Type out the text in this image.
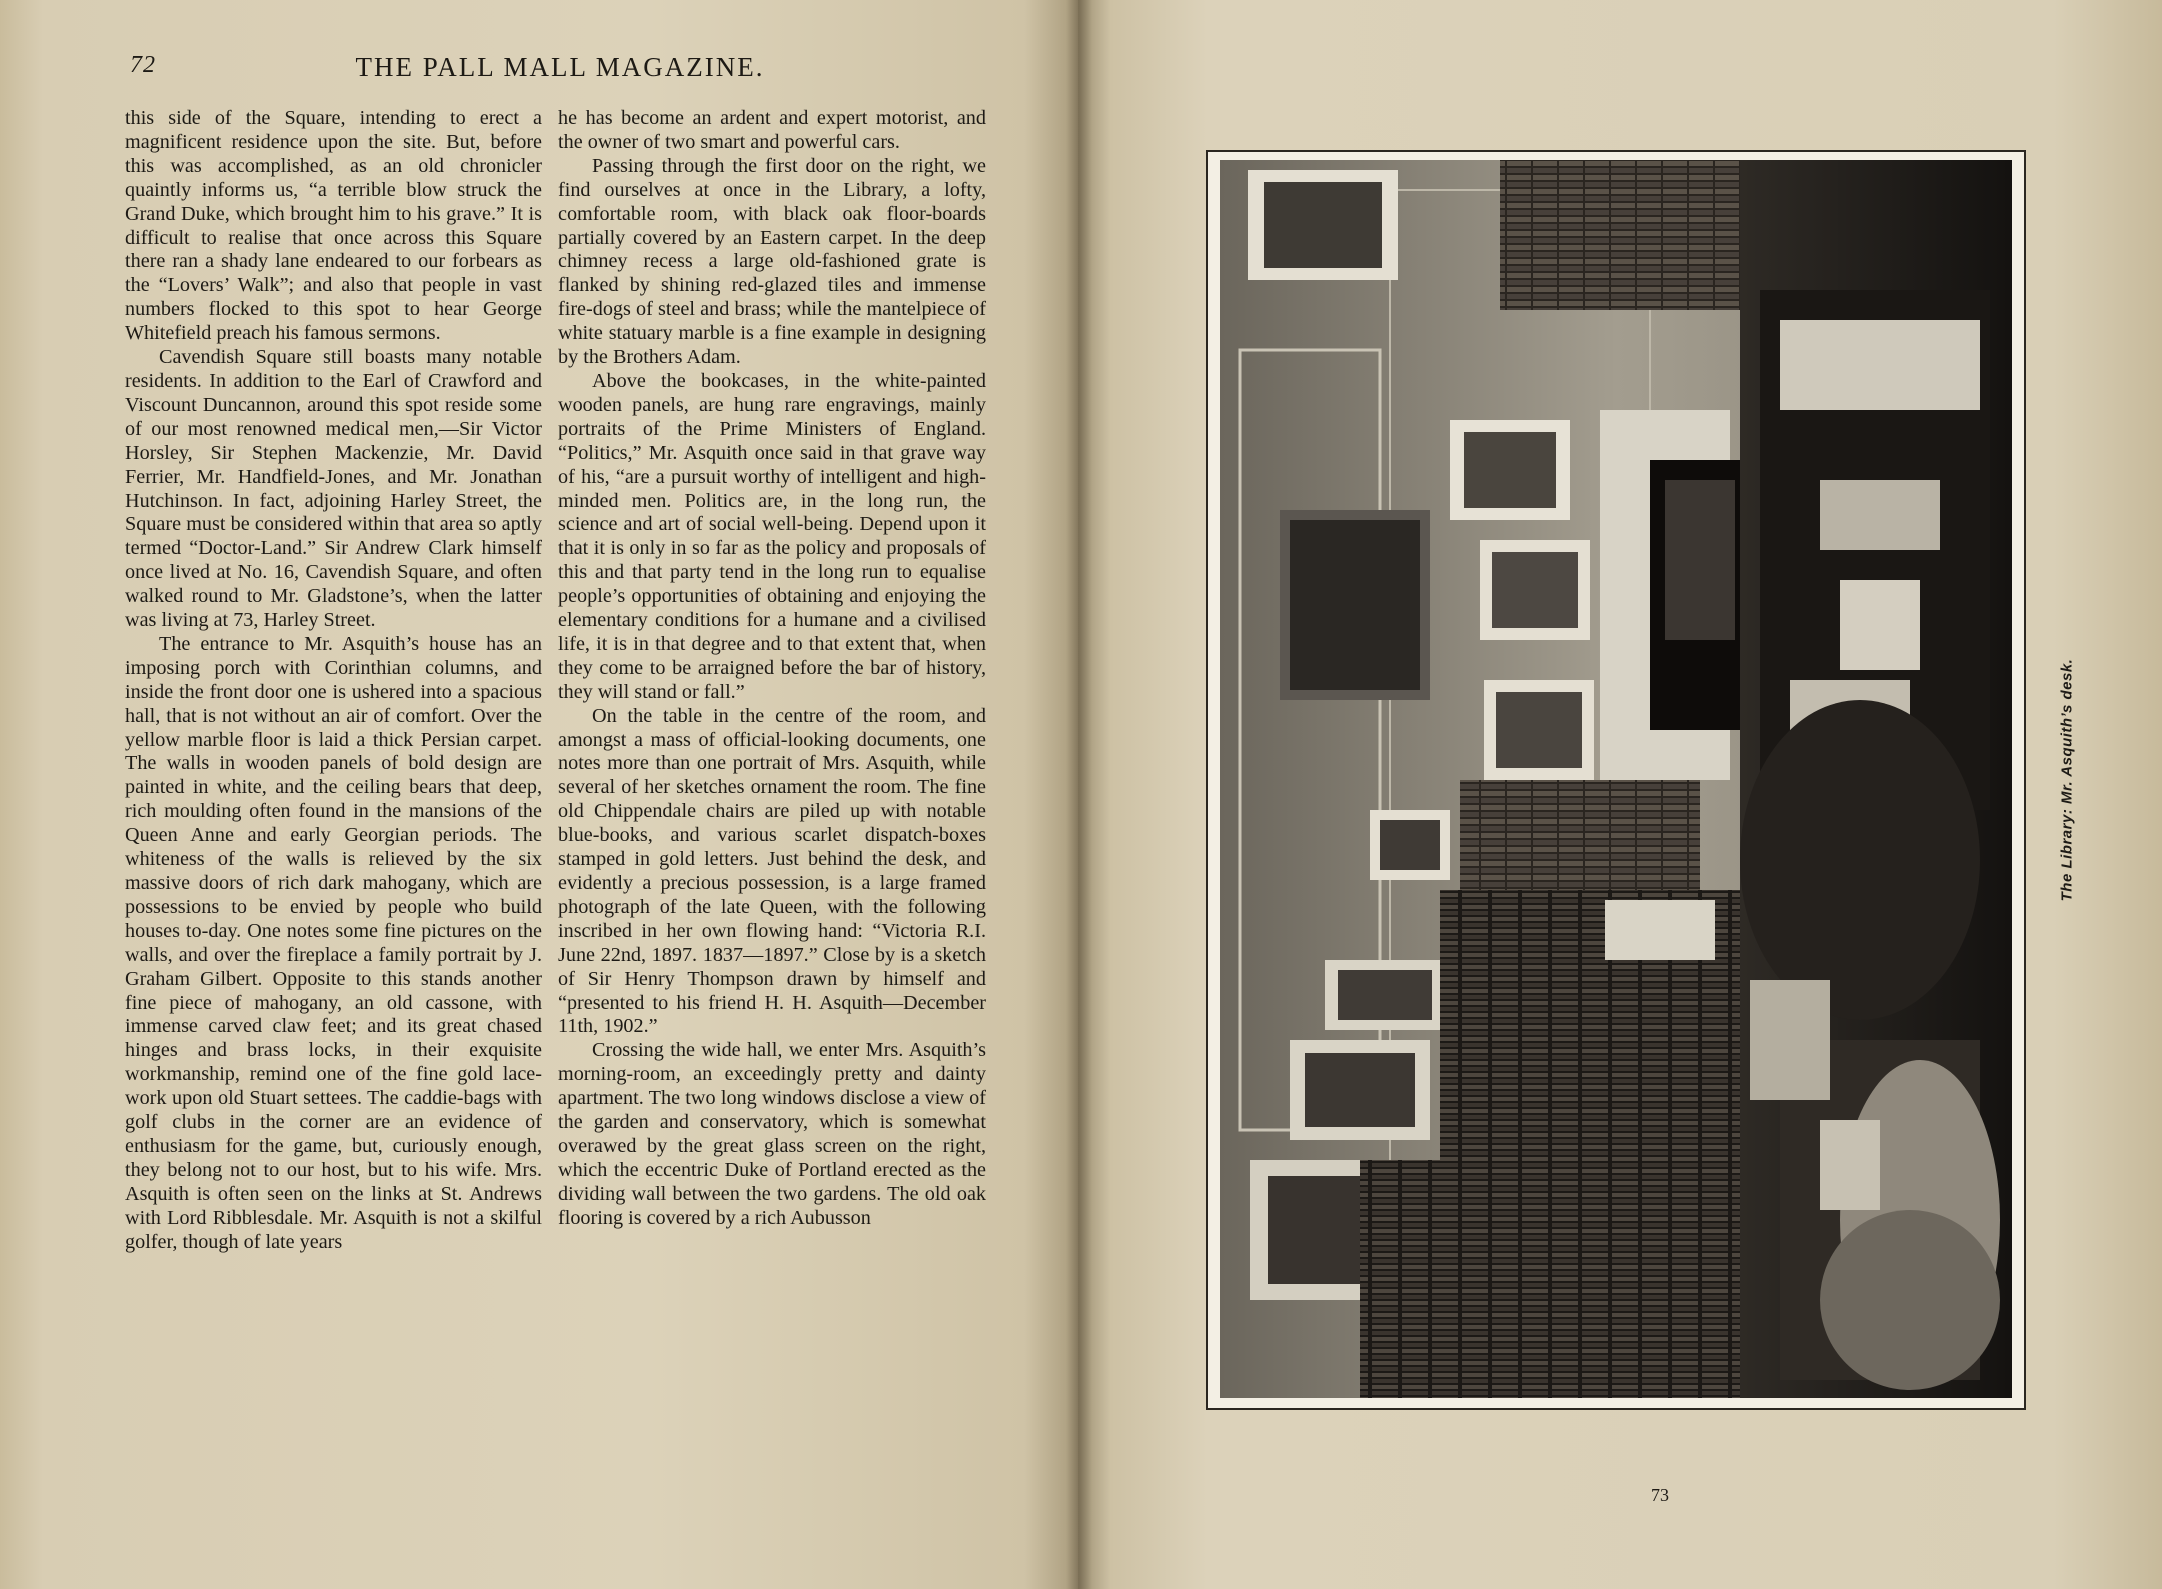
72	THE PALL MALL MAGAZINE.

this side of the Square, intending to erect a magnificent residence upon the site. But, before this was accomplished, as an old chronicler quaintly informs us, “a terrible blow struck the Grand Duke, which brought him to his grave.” It is difficult to realise that once across this Square there ran a shady lane endeared to our forbears as the “Lovers’ Walk”; and also that people in vast numbers flocked to this spot to hear George Whitefield preach his famous sermons.

Cavendish Square still boasts many notable residents. In addition to the Earl of Crawford and Viscount Duncannon, around this spot reside some of our most renowned medical men,—Sir Victor Horsley, Sir Stephen Mackenzie, Mr. David Ferrier, Mr. Handfield-Jones, and Mr. Jonathan Hutchinson. In fact, adjoining Harley Street, the Square must be considered within that area so aptly termed “Doctor-Land.” Sir Andrew Clark himself once lived at No. 16, Cavendish Square, and often walked round to Mr. Gladstone’s, when the latter was living at 73, Harley Street.

The entrance to Mr. Asquith’s house has an imposing porch with Corinthian columns, and inside the front door one is ushered into a spacious hall, that is not without an air of comfort. Over the yellow marble floor is laid a thick Persian carpet. The walls in wooden panels of bold design are painted in white, and the ceiling bears that deep, rich moulding often found in the mansions of the Queen Anne and early Georgian periods. The whiteness of the walls is relieved by the six massive doors of rich dark mahogany, which are possessions to be envied by people who build houses to-day. One notes some fine pictures on the walls, and over the fireplace a family portrait by J. Graham Gilbert. Opposite to this stands another fine piece of mahogany, an old cassone, with immense carved claw feet; and its great chased hinges and brass locks, in their exquisite workmanship, remind one of the fine gold lace-work upon old Stuart settees. The caddie-bags with golf clubs in the corner are an evidence of enthusiasm for the game, but, curiously enough, they belong not to our host, but to his wife. Mrs. Asquith is often seen on the links at St. Andrews with Lord Ribblesdale. Mr. Asquith is not a skilful golfer, though of late years

he has become an ardent and expert motorist, and the owner of two smart and powerful cars.

Passing through the first door on the right, we find ourselves at once in the Library, a lofty, comfortable room, with black oak floor-boards partially covered by an Eastern carpet. In the deep chimney recess a large old-fashioned grate is flanked by shining red-glazed tiles and immense fire-dogs of steel and brass; while the mantelpiece of white statuary marble is a fine example in designing by the Brothers Adam.

Above the bookcases, in the white-painted wooden panels, are hung rare engravings, mainly portraits of the Prime Ministers of England. “Politics,” Mr. Asquith once said in that grave way of his, “are a pursuit worthy of intelligent and high-minded men. Politics are, in the long run, the science and art of social well-being. Depend upon it that it is only in so far as the policy and proposals of this and that party tend in the long run to equalise people’s opportunities of obtaining and enjoying the elementary conditions for a humane and a civilised life, it is in that degree and to that extent that, when they come to be arraigned before the bar of history, they will stand or fall.”

On the table in the centre of the room, and amongst a mass of official-looking documents, one notes more than one portrait of Mrs. Asquith, while several of her sketches ornament the room. The fine old Chippendale chairs are piled up with notable blue-books, and various scarlet dispatch-boxes stamped in gold letters. Just behind the desk, and evidently a precious possession, is a large framed photograph of the late Queen, with the following inscribed in her own flowing hand: “Victoria R.I. June 22nd, 1897. 1837—1897.” Close by is a sketch of Sir Henry Thompson drawn by himself and “presented to his friend H. H. Asquith—December 11th, 1902.”

Crossing the wide hall, we enter Mrs. Asquith’s morning-room, an exceedingly pretty and dainty apartment. The two long windows disclose a view of the garden and conservatory, which is somewhat overawed by the great glass screen on the right, which the eccentric Duke of Portland erected as the dividing wall between the two gardens. The old oak flooring is covered by a rich Aubusson

The Library: Mr. Asquith’s desk.
73
